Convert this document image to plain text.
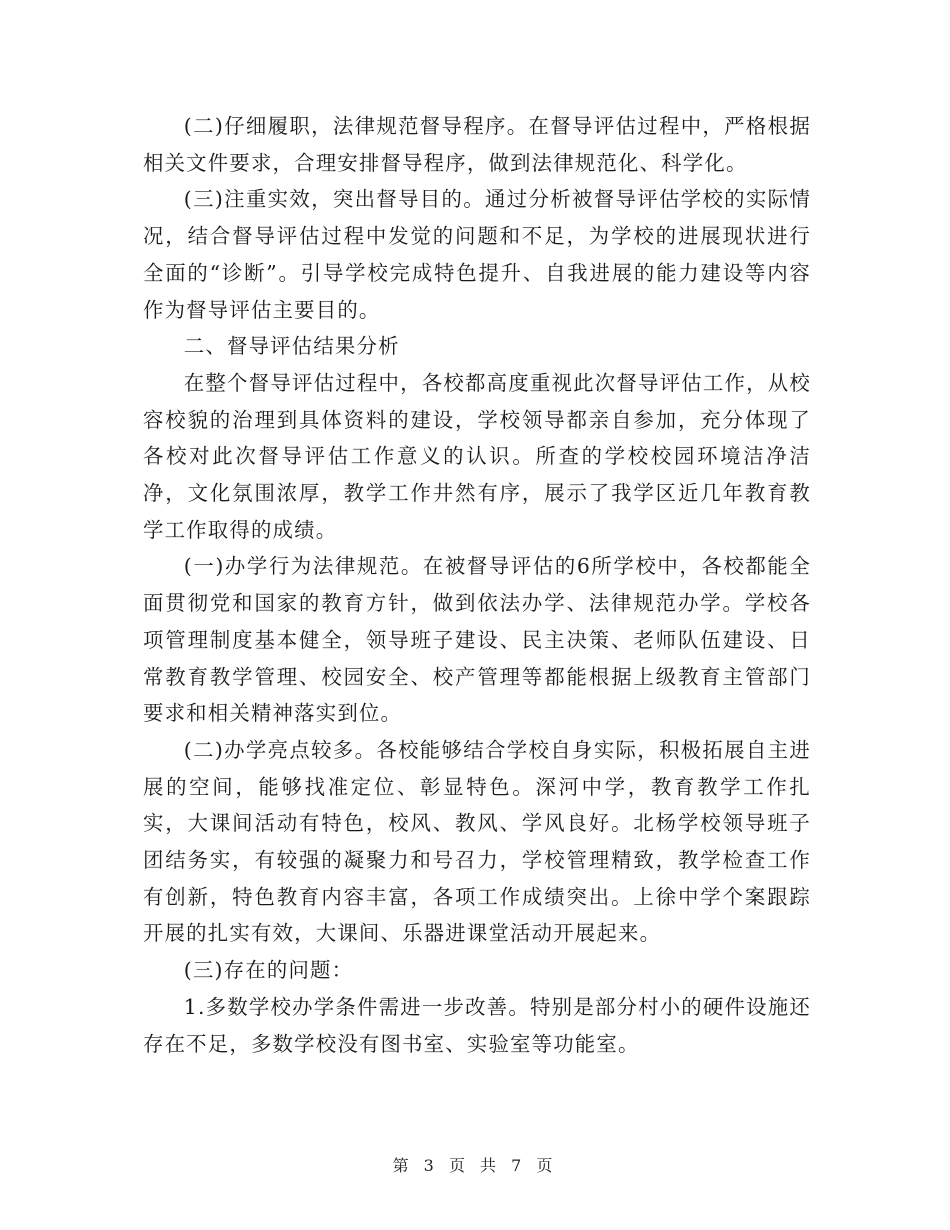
(二)仔细履职，法律规范督导程序。在督导评估过程中，严格根据相关文件要求，合理安排督导程序，做到法律规范化、科学化。

(三)注重实效，突出督导目的。通过分析被督导评估学校的实际情况，结合督导评估过程中发觉的问题和不足，为学校的进展现状进行全面的“诊断”。引导学校完成特色提升、自我进展的能力建设等内容作为督导评估主要目的。

二、督导评估结果分析

在整个督导评估过程中，各校都高度重视此次督导评估工作，从校容校貌的治理到具体资料的建设，学校领导都亲自参加，充分体现了各校对此次督导评估工作意义的认识。所查的学校校园环境洁净洁净，文化氛围浓厚，教学工作井然有序，展示了我学区近几年教育教学工作取得的成绩。

(一)办学行为法律规范。在被督导评估的6所学校中，各校都能全面贯彻党和国家的教育方针，做到依法办学、法律规范办学。学校各项管理制度基本健全，领导班子建设、民主决策、老师队伍建设、日常教育教学管理、校园安全、校产管理等都能根据上级教育主管部门要求和相关精神落实到位。

(二)办学亮点较多。各校能够结合学校自身实际，积极拓展自主进展的空间，能够找准定位、彰显特色。深河中学，教育教学工作扎实，大课间活动有特色，校风、教风、学风良好。北杨学校领导班子团结务实，有较强的凝聚力和号召力，学校管理精致，教学检查工作有创新，特色教育内容丰富，各项工作成绩突出。上徐中学个案跟踪开展的扎实有效，大课间、乐器进课堂活动开展起来。

(三)存在的问题：

1.多数学校办学条件需进一步改善。特别是部分村小的硬件设施还存在不足，多数学校没有图书室、实验室等功能室。

第 3 页 共 7 页
